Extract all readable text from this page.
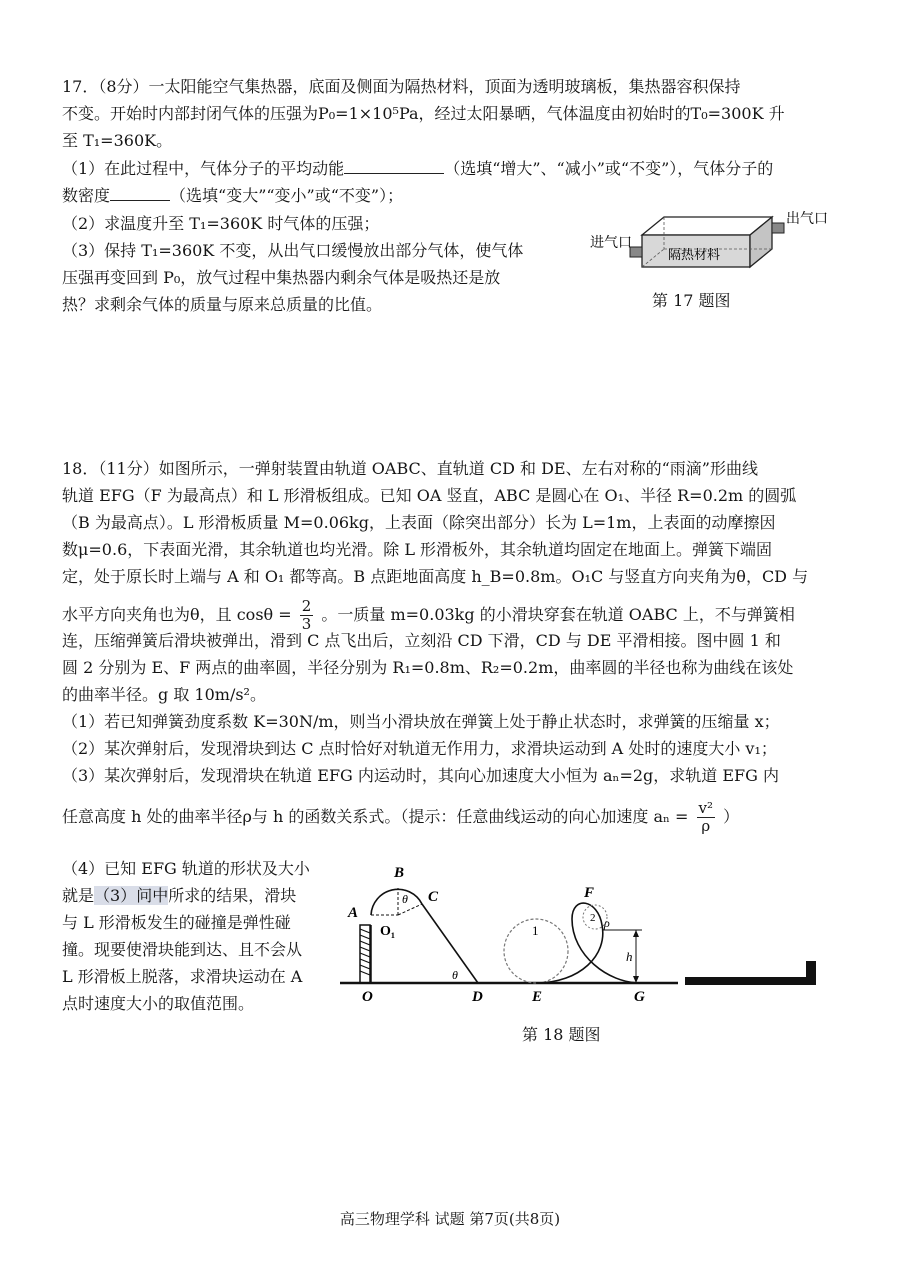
17．（8分）一太阳能空气集热器，底面及侧面为隔热材料，顶面为透明玻璃板，集热器容积保持
不变。开始时内部封闭气体的压强为P₀=1×10⁵Pa，经过太阳暴晒，气体温度由初始时的T₀=300K 升
至 T₁=360K。
（1）在此过程中，气体分子的平均动能	（选填“增大”、“减小”或“不变”），气体分子的
数密度	（选填“变大”“变小”或“不变”）；
（2）求温度升至 T₁=360K 时气体的压强；
（3）保持 T₁=360K 不变，从出气口缓慢放出部分气体，使气体
压强再变回到 P₀，放气过程中集热器内剩余气体是吸热还是放
热？求剩余气体的质量与原来总质量的比值。
出气口
进气口
隔热材料
第 17 题图
18．（11分）如图所示，一弹射装置由轨道 OABC、直轨道 CD 和 DE、左右对称的“雨滴”形曲线
轨道 EFG（F 为最高点）和 L 形滑板组成。已知 OA 竖直，ABC 是圆心在 O₁、半径 R=0.2m 的圆弧
（B 为最高点）。L 形滑板质量 M=0.06kg，上表面（除突出部分）长为 L=1m，上表面的动摩擦因
数μ=0.6，下表面光滑，其余轨道也均光滑。除 L 形滑板外，其余轨道均固定在地面上。弹簧下端固
定，处于原长时上端与 A 和 O₁ 都等高。B 点距地面高度 h_B=0.8m。O₁C 与竖直方向夹角为θ，CD 与
水平方向夹角也为θ，且 $\cos\theta = \frac{2}{3}$ 。一质量 m=0.03kg 的小滑块穿套在轨道 OABC 上，不与弹簧相
连，压缩弹簧后滑块被弹出，滑到 C 点飞出后，立刻沿 CD 下滑，CD 与 DE 平滑相接。图中圆 1 和
圆 2 分别为 E、F 两点的曲率圆，半径分别为 R₁=0.8m、R₂=0.2m，曲率圆的半径也称为曲线在该处
的曲率半径。g 取 10m/s²。
（1）若已知弹簧劲度系数 K=30N/m，则当小滑块放在弹簧上处于静止状态时，求弹簧的压缩量 x；
（2）某次弹射后，发现滑块到达 C 点时恰好对轨道无作用力，求滑块运动到 A 处时的速度大小 v₁；
（3）某次弹射后，发现滑块在轨道 EFG 内运动时，其向心加速度大小恒为 aₙ=2g，求轨道 EFG 内
任意高度 h 处的曲率半径ρ与 h 的函数关系式。（提示：任意曲线运动的向心加速度 $a_n = \frac{\text{v²}}{\rho}$ ）
（4）已知 EFG 轨道的形状及大小
就是（3）问中所求的结果，滑块
与 L 形滑板发生的碰撞是弹性碰
撞。现要使滑块能到达、且不会从
L 形滑板上脱落，求滑块运动在 A
点时速度大小的取值范围。
B
θ C
A
O₁
θ
O	D
1
E
F
2 ρ
h
G
第 18 题图
高三物理学科 试题 第7页(共8页)
